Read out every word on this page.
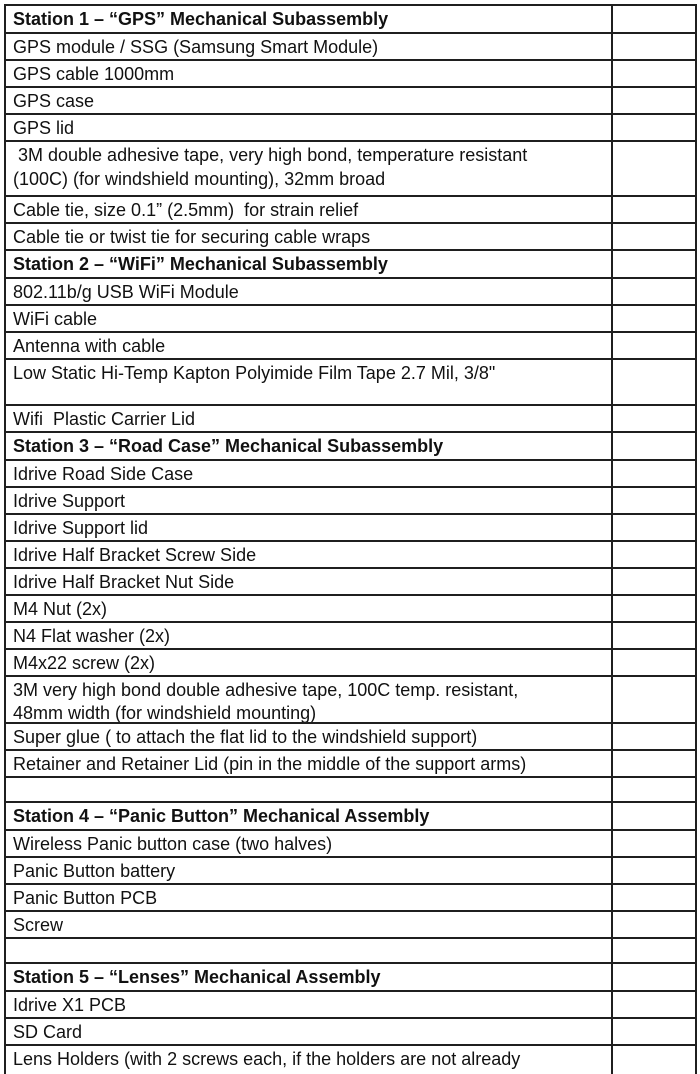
Station 1 – “GPS” Mechanical Subassembly
GPS module / SSG (Samsung Smart Module)
GPS cable 1000mm
GPS case
GPS lid
3M double adhesive tape, very high bond, temperature resistant
(100C) (for windshield mounting), 32mm broad
Cable tie, size 0.1” (2.5mm)  for strain relief
Cable tie or twist tie for securing cable wraps
Station 2 – “WiFi” Mechanical Subassembly
802.11b/g USB WiFi Module
WiFi cable
Antenna with cable
Low Static Hi-Temp Kapton Polyimide Film Tape 2.7 Mil, 3/8"
Wifi  Plastic Carrier Lid
Station 3 – “Road Case” Mechanical Subassembly
Idrive Road Side Case
Idrive Support
Idrive Support lid
Idrive Half Bracket Screw Side
Idrive Half Bracket Nut Side
M4 Nut (2x)
N4 Flat washer (2x)
M4x22 screw (2x)
3M very high bond double adhesive tape, 100C temp. resistant,
48mm width (for windshield mounting)
Super glue ( to attach the flat lid to the windshield support)
Retainer and Retainer Lid (pin in the middle of the support arms)
Station 4 – “Panic Button” Mechanical Assembly
Wireless Panic button case (two halves)
Panic Button battery
Panic Button PCB
Screw
Station 5 – “Lenses” Mechanical Assembly
Idrive X1 PCB
SD Card
Lens Holders (with 2 screws each, if the holders are not already
